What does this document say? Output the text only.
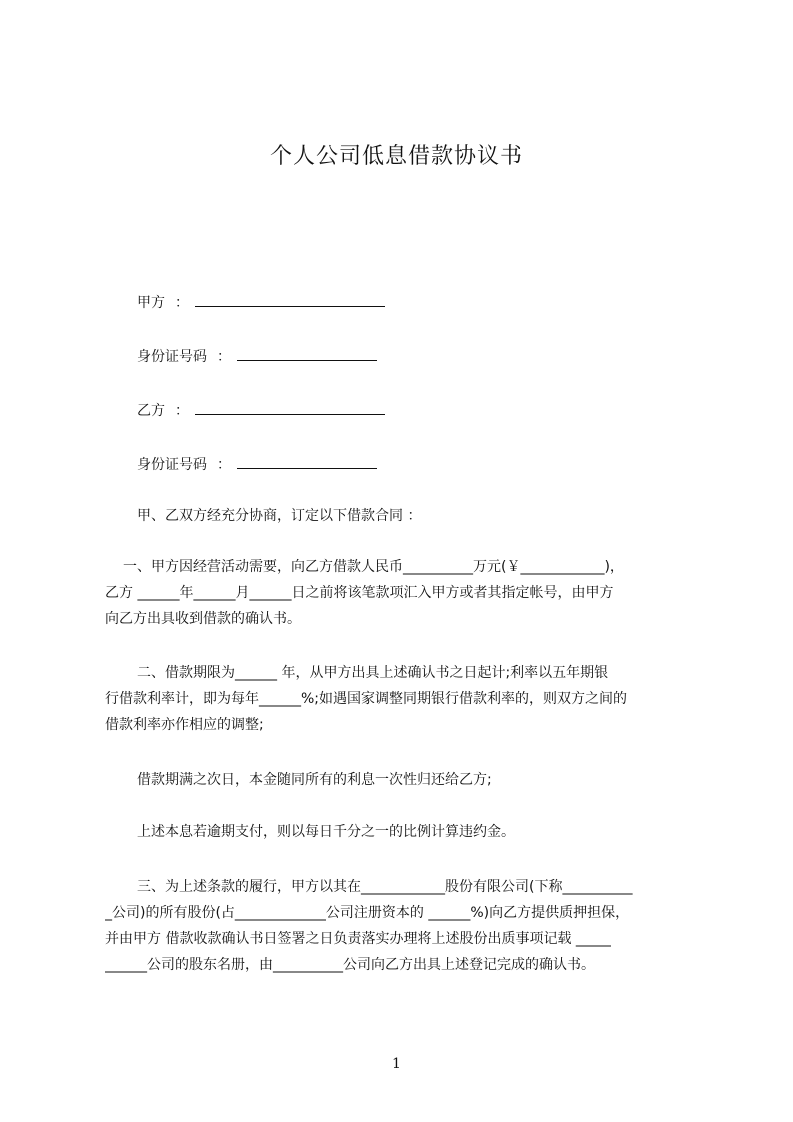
个人公司低息借款协议书
甲方 ：
身份证号码 ：
乙方 ：
身份证号码 ：
甲、乙双方经充分协商，订定以下借款合同 ：
一、甲方因经营活动需要，向乙方借款人民币__________万元(￥____________)，
乙方 ______年______月______日之前将该笔款项汇入甲方或者其指定帐号，由甲方
向乙方出具收到借款的确认书。
二、借款期限为______ 年，从甲方出具上述确认书之日起计;利率以五年期银
行借款利率计，即为每年______%;如遇国家调整同期银行借款利率的，则双方之间的
借款利率亦作相应的调整;
借款期满之次日，本金随同所有的利息一次性归还给乙方;
上述本息若逾期支付，则以每日千分之一的比例计算违约金。
三、为上述条款的履行，甲方以其在____________股份有限公司(下称__________
_公司)的所有股份(占_____________公司注册资本的 ______%)向乙方提供质押担保，
并由甲方 借款收款确认书日签署之日负责落实办理将上述股份出质事项记载 _____
______公司的股东名册，由__________公司向乙方出具上述登记完成的确认书。
1
